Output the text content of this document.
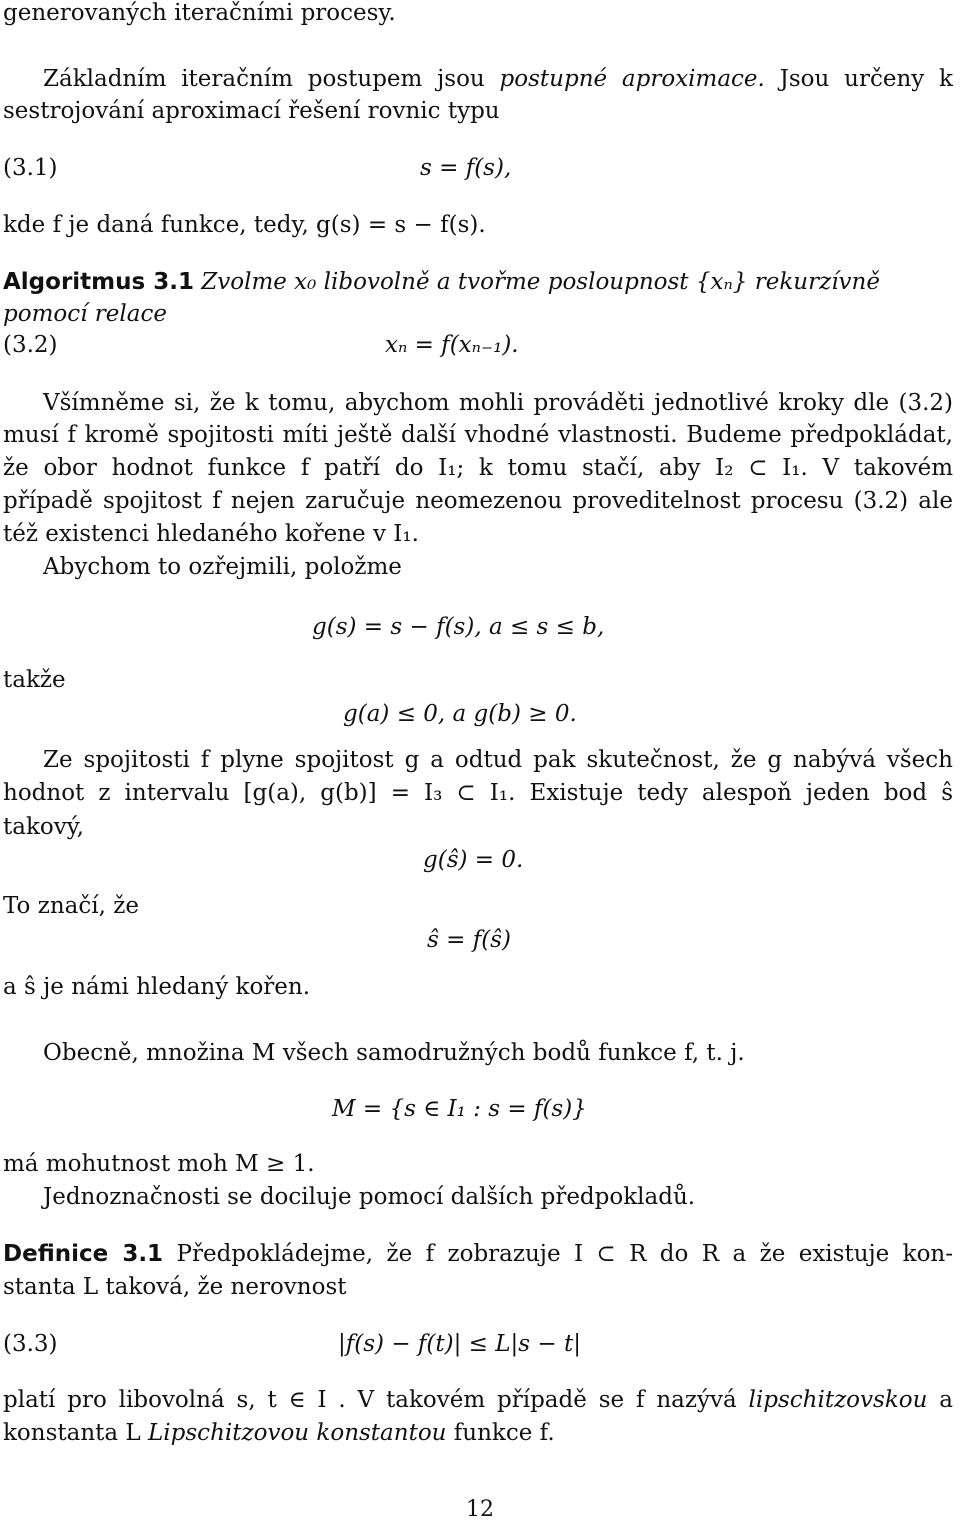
generovaných iteračními procesy.
Základním iteračním postupem jsou postupné aproximace. Jsou určeny k
sestrojování aproximací řešení rovnic typu
(3.1)	s = f(s),
kde f je daná funkce, tedy, g(s) = s − f(s).
Algoritmus 3.1 Zvolme x₀ libovolně a tvořme posloupnost {xₙ} rekurzívně
pomocí relace
(3.2)	xₙ = f(xₙ₋₁).
Všímněme si, že k tomu, abychom mohli prováděti jednotlivé kroky dle (3.2)
musí f kromě spojitosti míti ještě další vhodné vlastnosti. Budeme předpokládat,
že obor hodnot funkce f patří do I₁; k tomu stačí, aby I₂ ⊂ I₁. V takovém
případě spojitost f nejen zaručuje neomezenou proveditelnost procesu (3.2) ale
též existenci hledaného kořene v I₁.
Abychom to ozřejmili, položme
g(s) = s − f(s), a ≤ s ≤ b,
takže
g(a) ≤ 0, a g(b) ≥ 0.
Ze spojitosti f plyne spojitost g a odtud pak skutečnost, že g nabývá všech
hodnot z intervalu [g(a), g(b)] = I₃ ⊂ I₁. Existuje tedy alespoň jeden bod ŝ
takový,
g(ŝ) = 0.
To značí, že
ŝ = f(ŝ)
a ŝ je námi hledaný kořen.
Obecně, množina M všech samodružných bodů funkce f, t. j.
M = {s ∈ I₁ : s = f(s)}
má mohutnost moh M ≥ 1.
Jednoznačnosti se dociluje pomocí dalších předpokladů.
Definice 3.1 Předpokládejme, že f zobrazuje I ⊂ R do R a že existuje kon-
stanta L taková, že nerovnost
(3.3)	|f(s) − f(t)| ≤ L|s − t|
platí pro libovolná s, t ∈ I . V takovém případě se f nazývá lipschitzovskou a
konstanta L Lipschitzovou konstantou funkce f.
12
